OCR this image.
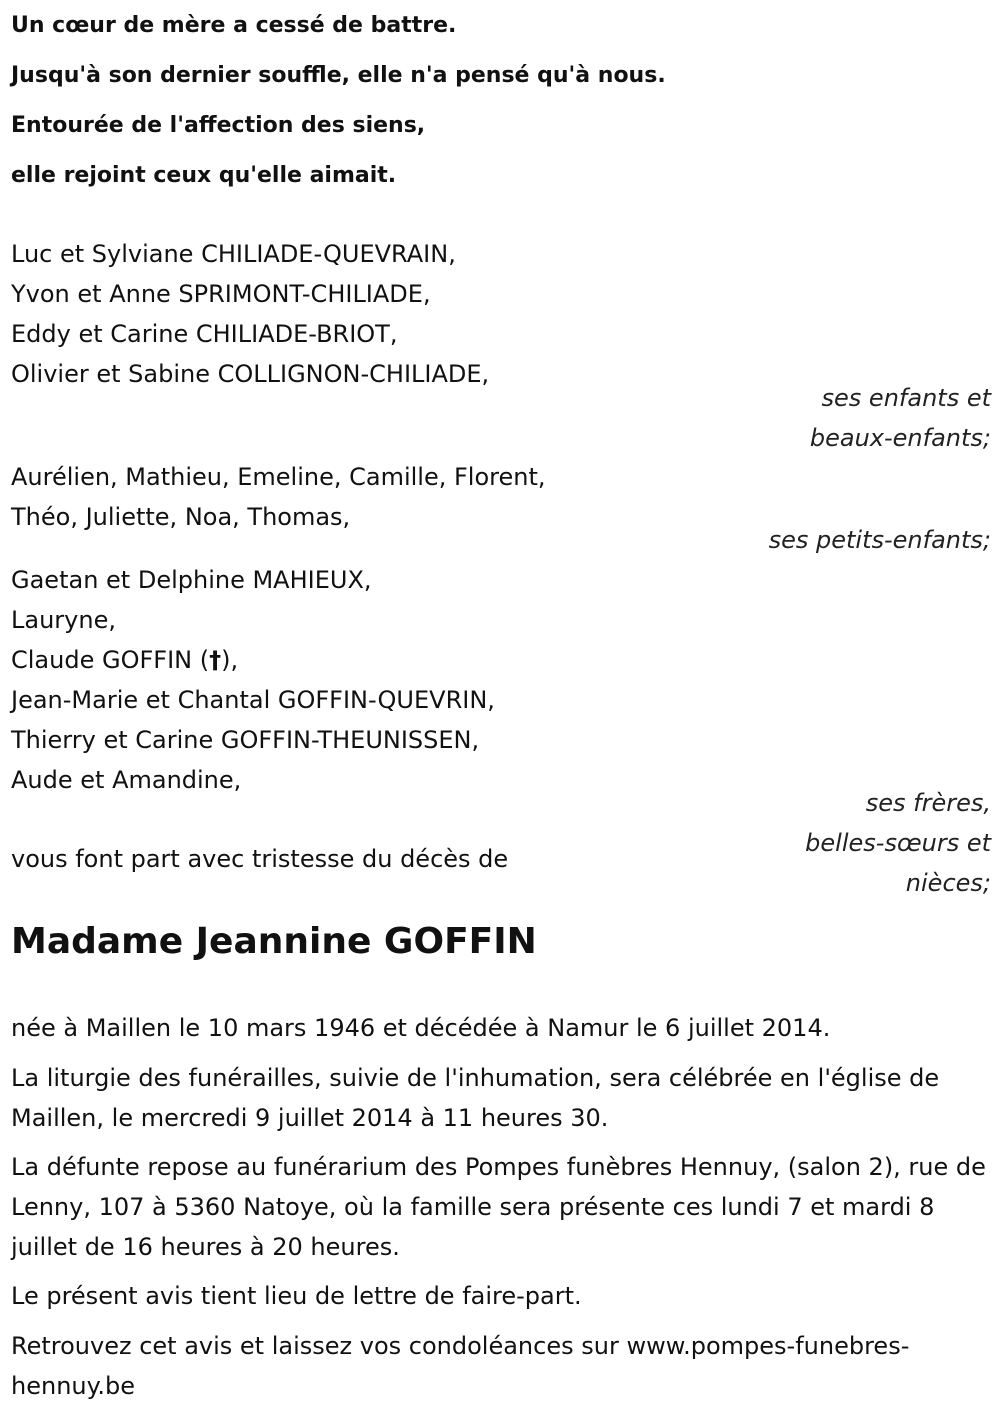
Un cœur de mère a cessé de battre.
Jusqu'à son dernier souffle, elle n'a pensé qu'à nous.
Entourée de l'affection des siens,
elle rejoint ceux qu'elle aimait.
Luc et Sylviane CHILIADE-QUEVRAIN,
Yvon et Anne SPRIMONT-CHILIADE,
Eddy et Carine CHILIADE-BRIOT,
Olivier et Sabine COLLIGNON-CHILIADE,
ses enfants et
beaux-enfants;
Aurélien, Mathieu, Emeline, Camille, Florent,
Théo, Juliette, Noa, Thomas,
ses petits-enfants;
Gaetan et Delphine MAHIEUX,
Lauryne,
Claude GOFFIN (†),
Jean-Marie et Chantal GOFFIN-QUEVRIN,
Thierry et Carine GOFFIN-THEUNISSEN,
Aude et Amandine,
ses frères,
belles-sœurs et
nièces;
vous font part avec tristesse du décès de
Madame Jeannine GOFFIN
née à Maillen le 10 mars 1946 et décédée à Namur le 6 juillet 2014.
La liturgie des funérailles, suivie de l'inhumation, sera célébrée en l'église de Maillen, le mercredi 9 juillet 2014 à 11 heures 30.
La défunte repose au funérarium des Pompes funèbres Hennuy, (salon 2), rue de Lenny, 107 à 5360 Natoye, où la famille sera présente ces lundi 7 et mardi 8 juillet de 16 heures à 20 heures.
Le présent avis tient lieu de lettre de faire-part.
Retrouvez cet avis et laissez vos condoléances sur www.pompes-funebres-hennuy.be
